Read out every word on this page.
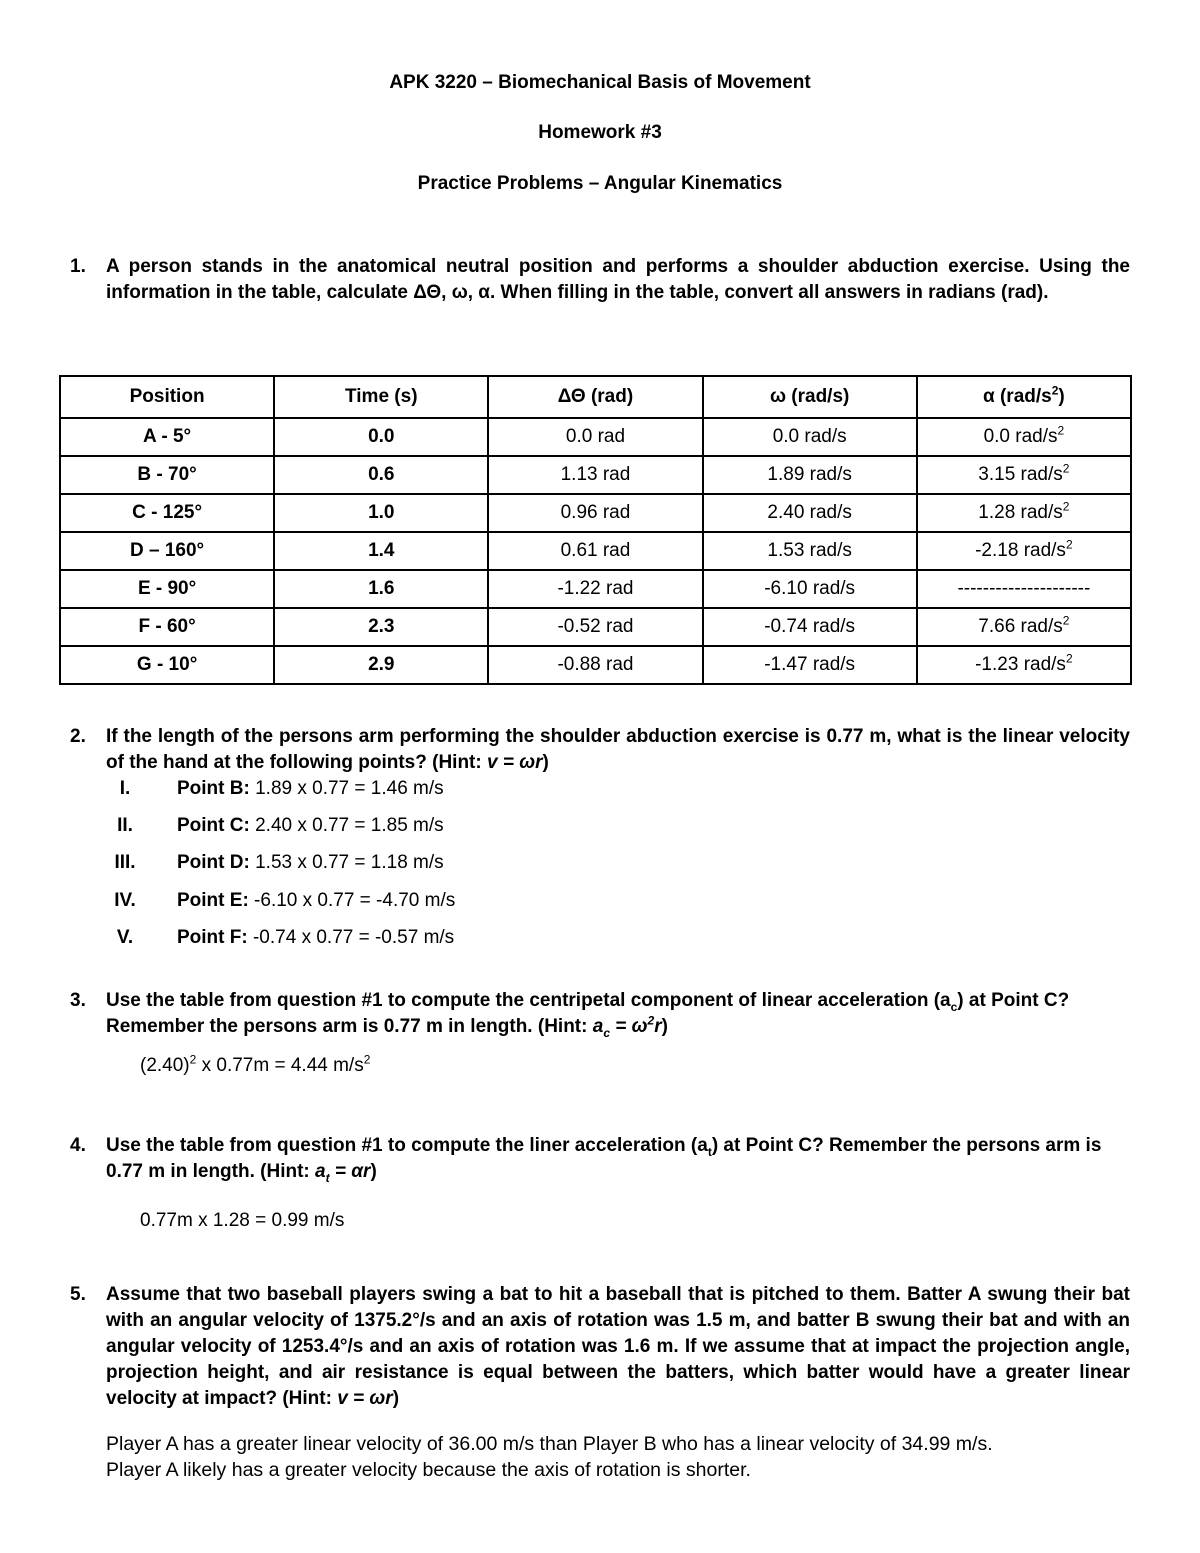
APK 3220 – Biomechanical Basis of Movement
Homework #3
Practice Problems – Angular Kinematics
1. A person stands in the anatomical neutral position and performs a shoulder abduction exercise. Using the information in the table, calculate ΔΘ, ω, α. When filling in the table, convert all answers in radians (rad).
Position	Time (s)	ΔΘ (rad)	ω (rad/s)	α $(rad/s^2)$
A - 5°	0.0	0.0 rad	0.0 rad/s	0.0 rad/$s^2$
B - 70°	0.6	1.13 rad	1.89 rad/s	3.15 rad/$s^2$
C - 125°	1.0	0.96 rad	2.40 rad/s	1.28 rad/$s^2$
D – 160°	1.4	0.61 rad	1.53 rad/s	-2.18 rad/$s^2$
E - 90°	1.6	-1.22 rad	-6.10 rad/s	---------------------
F - 60°	2.3	-0.52 rad	-0.74 rad/s	7.66 rad/$s^2$
G - 10°	2.9	-0.88 rad	-1.47 rad/s	-1.23 rad/$s^2$
2. If the length of the persons arm performing the shoulder abduction exercise is 0.77 m, what is the linear velocity of the hand at the following points? (Hint: v = ωr)
I.	Point B: 1.89 x 0.77 = 1.46 m/s
II.	Point C: 2.40 x 0.77 = 1.85 m/s
III.	Point D: 1.53 x 0.77 = 1.18 m/s
IV.	Point E: -6.10 x 0.77 = -4.70 m/s
V.	Point F: -0.74 x 0.77 = -0.57 m/s
3. Use the table from question #1 to compute the centripetal component of linear acceleration $(a_c)$ at Point C? Remember the persons arm is 0.77 m in length. (Hint: $a_c = \omega^2r$)
$(2.40)^2$ x 0.77m = 4.44 $m/s^2$
4. Use the table from question #1 to compute the liner acceleration $(a_t)$ at Point C? Remember the persons arm is 0.77 m in length. (Hint: $a_t = \alpha r$)
0.77m x 1.28 = 0.99 m/s
5. Assume that two baseball players swing a bat to hit a baseball that is pitched to them. Batter A swung their bat with an angular velocity of 1375.2°/s and an axis of rotation was 1.5 m, and batter B swung their bat and with an angular velocity of 1253.4°/s and an axis of rotation was 1.6 m. If we assume that at impact the projection angle, projection height, and air resistance is equal between the batters, which batter would have a greater linear velocity at impact? (Hint: v = ωr)
Player A has a greater linear velocity of 36.00 m/s than Player B who has a linear velocity of 34.99 m/s.
Player A likely has a greater velocity because the axis of rotation is shorter.
